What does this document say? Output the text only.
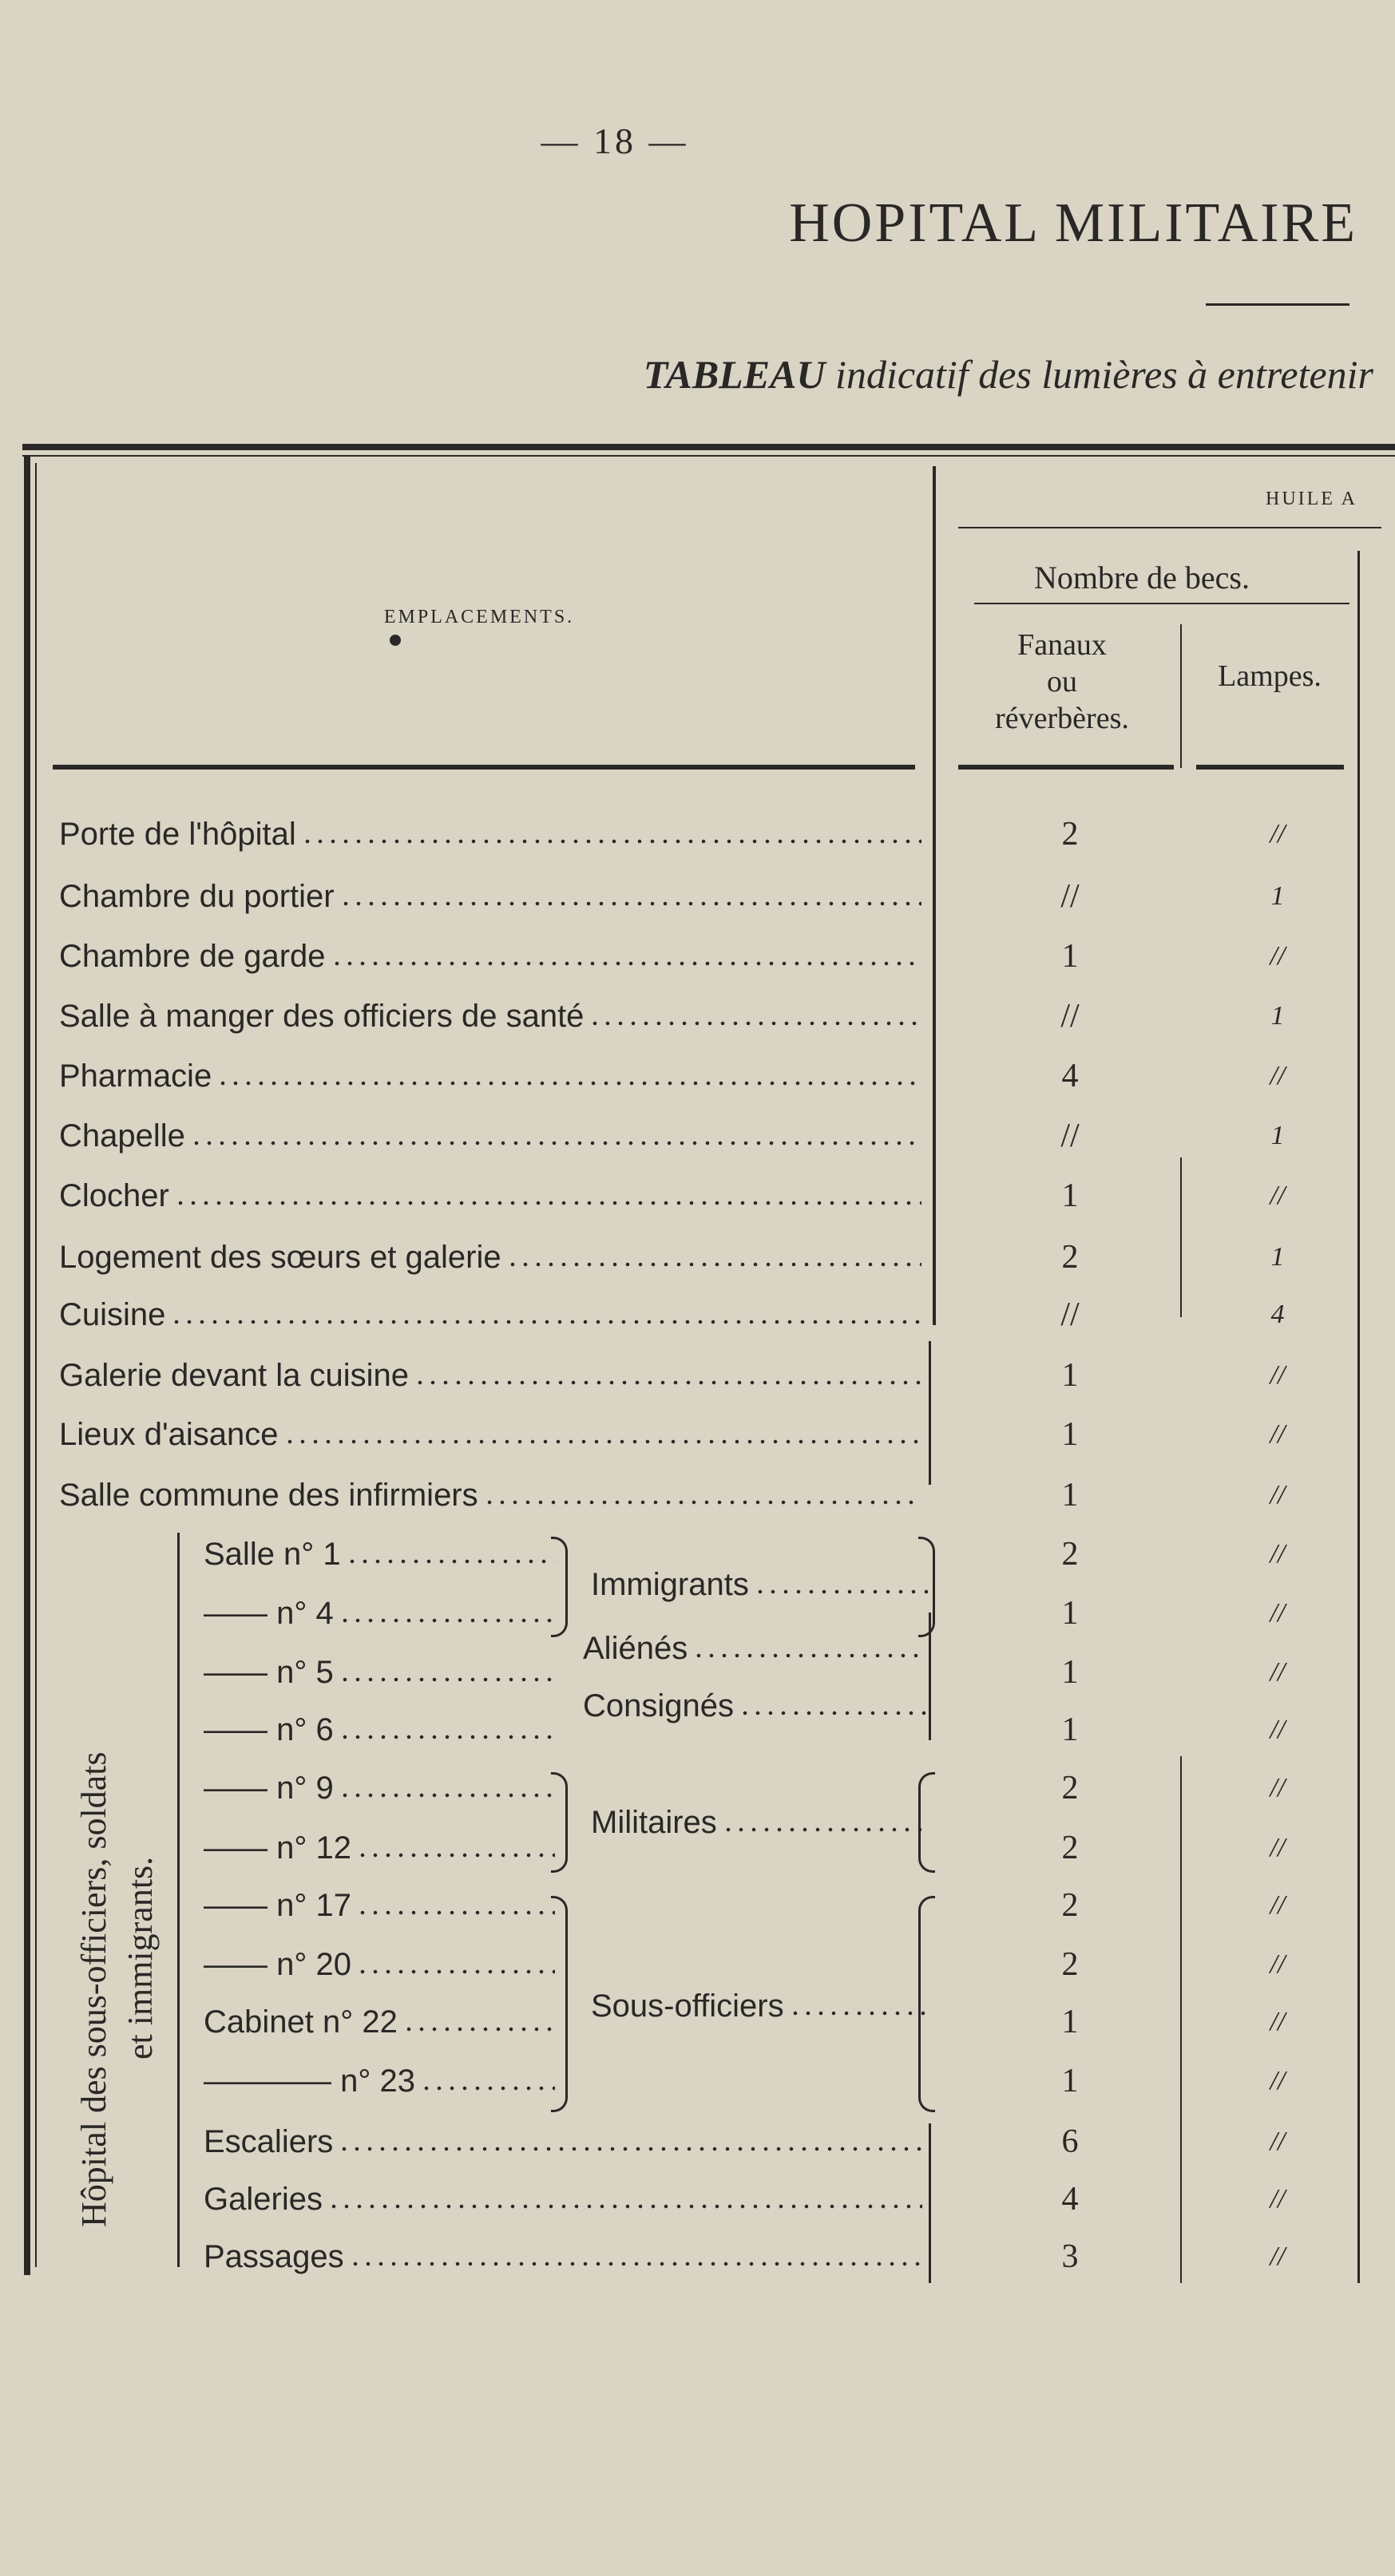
— 18 —
HOPITAL MILITAIRE
TABLEAU indicatif des lumières à entretenir
EMPLACEMENTS.
HUILE A
Nombre de becs.
Fanaux
ou
réverbères.
Lampes.
Porte de l'hôpital	2	//
Chambre du portier	//	1
Chambre de garde	1	//
Salle à manger des officiers de santé	//	1
Pharmacie	4	//
Chapelle	//	1
Clocher	1	//
Logement des sœurs et galerie	2	1
Cuisine	//	4
Galerie devant la cuisine	1	//
Lieux d'aisance	1	//
Salle commune des infirmiers	1	//
Hôpital des sous-officiers, soldats et immigrants.
Immigrants
Aliénés
Consignés
Militaires
Sous-officiers
Salle n° 1	2	//
—— n° 4	1	//
—— n° 5	1	//
—— n° 6	1	//
—— n° 9	2	//
—— n° 12	2	//
—— n° 17	2	//
—— n° 20	2	//
Cabinet n° 22	1	//
———— n° 23	1	//
Escaliers	6	//
Galeries	4	//
Passages	3	//
